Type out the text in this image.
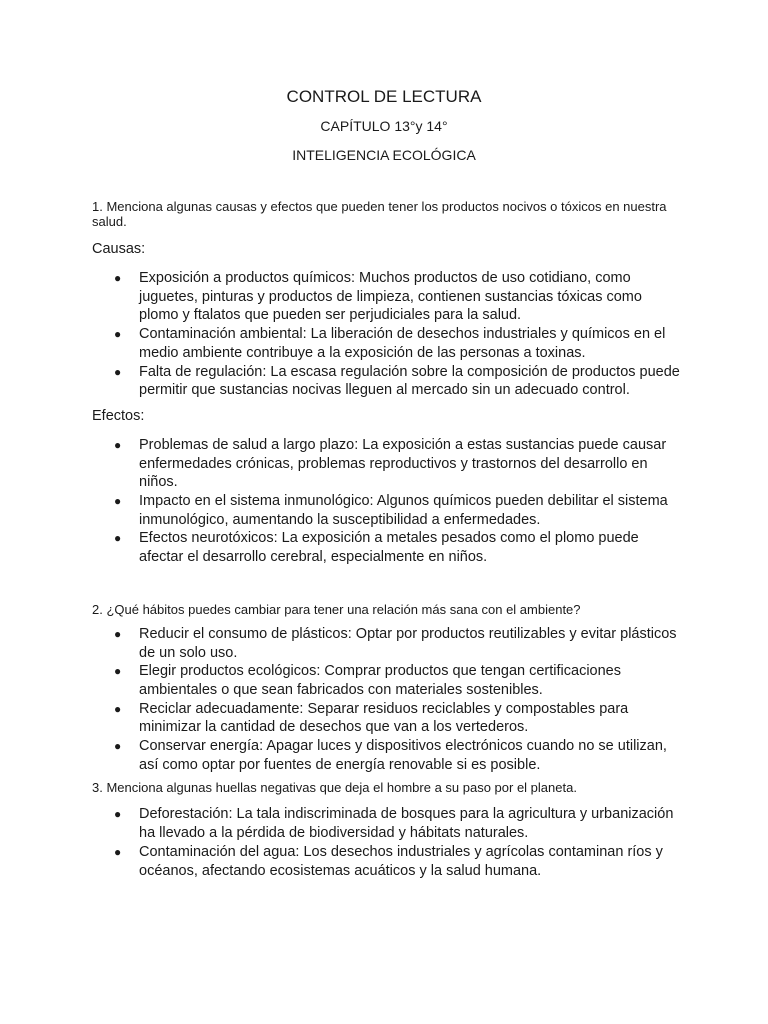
CONTROL DE LECTURA
CAPÍTULO 13°y 14°
INTELIGENCIA ECOLÓGICA

1. Menciona algunas causas y efectos que pueden tener los productos nocivos o tóxicos en nuestra salud.

Causas:

● Exposición a productos químicos: Muchos productos de uso cotidiano, como juguetes, pinturas y productos de limpieza, contienen sustancias tóxicas como plomo y ftalatos que pueden ser perjudiciales para la salud.
● Contaminación ambiental: La liberación de desechos industriales y químicos en el medio ambiente contribuye a la exposición de las personas a toxinas.
● Falta de regulación: La escasa regulación sobre la composición de productos puede permitir que sustancias nocivas lleguen al mercado sin un adecuado control.

Efectos:

● Problemas de salud a largo plazo: La exposición a estas sustancias puede causar enfermedades crónicas, problemas reproductivos y trastornos del desarrollo en niños.
● Impacto en el sistema inmunológico: Algunos químicos pueden debilitar el sistema inmunológico, aumentando la susceptibilidad a enfermedades.
● Efectos neurotóxicos: La exposición a metales pesados como el plomo puede afectar el desarrollo cerebral, especialmente en niños.

2. ¿Qué hábitos puedes cambiar para tener una relación más sana con el ambiente?

● Reducir el consumo de plásticos: Optar por productos reutilizables y evitar plásticos de un solo uso.
● Elegir productos ecológicos: Comprar productos que tengan certificaciones ambientales o que sean fabricados con materiales sostenibles.
● Reciclar adecuadamente: Separar residuos reciclables y compostables para minimizar la cantidad de desechos que van a los vertederos.
● Conservar energía: Apagar luces y dispositivos electrónicos cuando no se utilizan, así como optar por fuentes de energía renovable si es posible.

3. Menciona algunas huellas negativas que deja el hombre a su paso por el planeta.

● Deforestación: La tala indiscriminada de bosques para la agricultura y urbanización ha llevado a la pérdida de biodiversidad y hábitats naturales.
● Contaminación del agua: Los desechos industriales y agrícolas contaminan ríos y océanos, afectando ecosistemas acuáticos y la salud humana.
